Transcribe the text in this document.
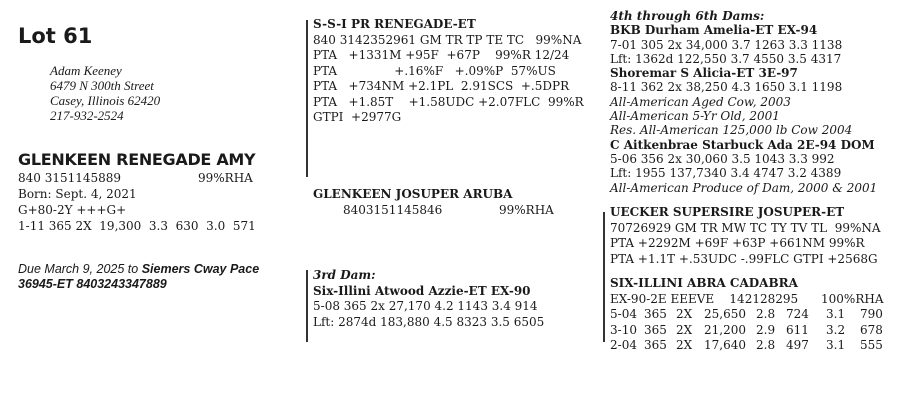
Lot 61
Adam Keeney
6479 N 300th Street
Casey, Illinois 62420
217-932-2524
GLENKEEN RENEGADE AMY
840 3151145889	99%RHA
Born: Sept. 4, 2021
G+80-2Y +++G+
1-11 365 2X  19,300  3.3  630  3.0  571
Due March 9, 2025 to Siemers Cway Pace
36945-ET 8403243347889
S-S-I PR RENEGADE-ET
840 3142352961 GM TR TP TE TC   99%NA
PTA   +1331M +95F  +67P    99%R 12/24
PTA               +.16%F   +.09%P  57%US
PTA   +734NM +2.1PL  2.91SCS  +.5DPR
PTA   +1.85T    +1.58UDC +2.07FLC  99%R
GTPI  +2977G
GLENKEEN JOSUPER ARUBA
8403151145846	99%RHA
3rd Dam:
Six-Illini Atwood Azzie-ET EX-90
5-08 365 2x 27,170 4.2 1143 3.4 914
Lft: 2874d 183,880 4.5 8323 3.5 6505
4th through 6th Dams:
BKB Durham Amelia-ET EX-94
7-01 305 2x 34,000 3.7 1263 3.3 1138
Lft: 1362d 122,550 3.7 4550 3.5 4317
Shoremar S Alicia-ET 3E-97
8-11 362 2x 38,250 4.3 1650 3.1 1198
All-American Aged Cow, 2003
All-American 5-Yr Old, 2001
Res. All-American 125,000 lb Cow 2004
C Aitkenbrae Starbuck Ada 2E-94 DOM
5-06 356 2x 30,060 3.5 1043 3.3 992
Lft: 1955 137,7340 3.4 4747 3.2 4389
All-American Produce of Dam, 2000 & 2001
UECKER SUPERSIRE JOSUPER-ET
70726929 GM TR MW TC TY TV TL  99%NA
PTA +2292M +69F +63P +661NM 99%R
PTA +1.1T +.53UDC -.99FLC GTPI +2568G
SIX-ILLINI ABRA CADABRA
EX-90-2E EEEVE    142128295      100%RHA
5-04 365 2X 25,650 2.8 724 3.1 790
3-10 365 2X 21,200 2.9 611 3.2 678
2-04 365 2X 17,640 2.8 497 3.1 555
